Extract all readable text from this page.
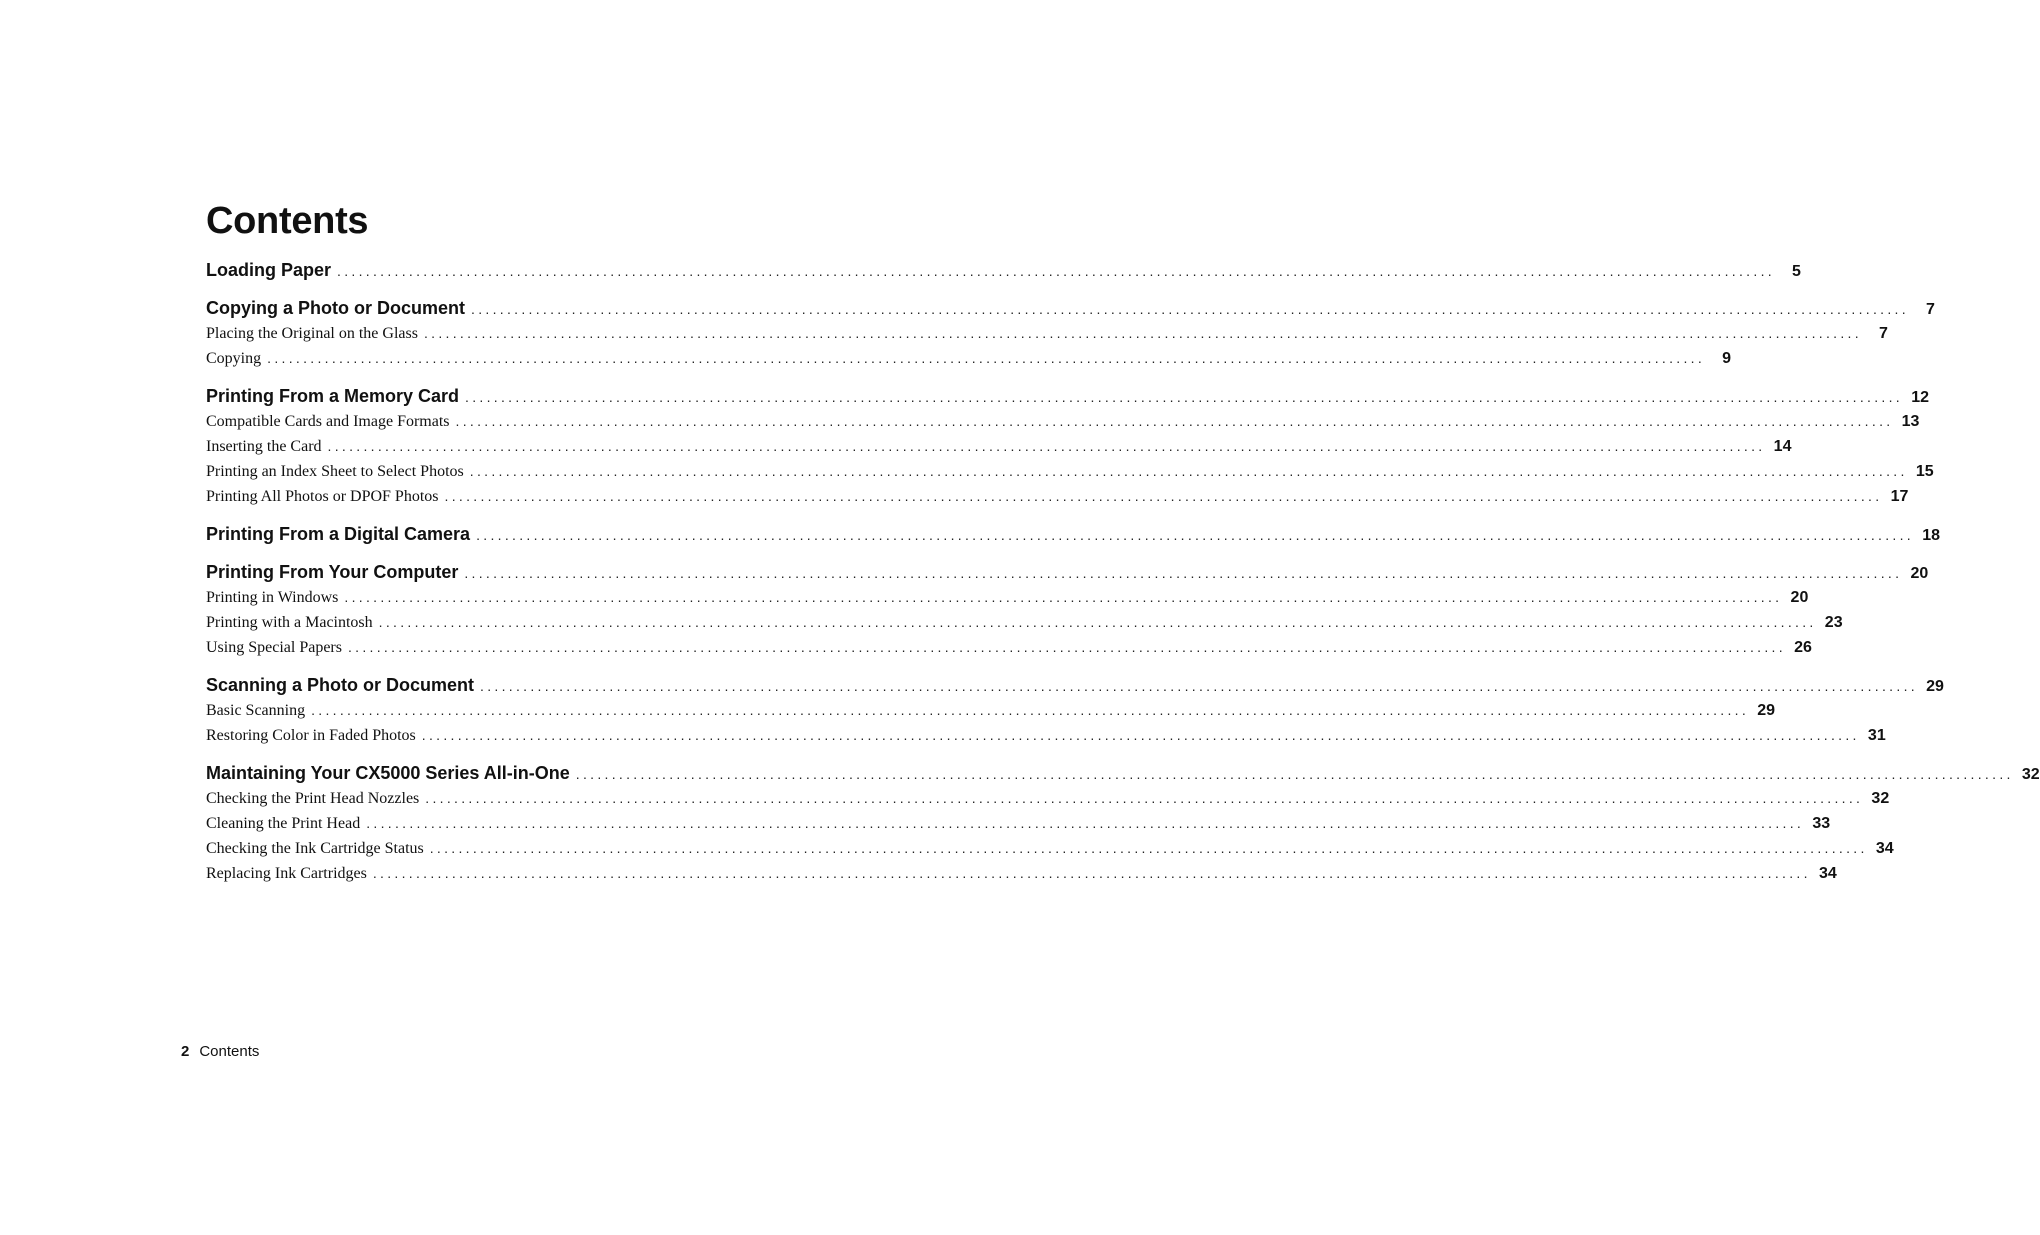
Contents
Loading Paper ........................................................................................................................................................................................................	5
Copying a Photo or Document ........................................................................................................................................................................................................	7
Placing the Original on the Glass ........................................................................................................................................................................................................	7
Copying ........................................................................................................................................................................................................	9
Printing From a Memory Card ........................................................................................................................................................................................................ 12
Compatible Cards and Image Formats ........................................................................................................................................................................................................ 13
Inserting the Card ........................................................................................................................................................................................................ 14
Printing an Index Sheet to Select Photos ........................................................................................................................................................................................................ 15
Printing All Photos or DPOF Photos ........................................................................................................................................................................................................ 17
Printing From a Digital Camera ........................................................................................................................................................................................................ 18
Printing From Your Computer ........................................................................................................................................................................................................ 20
Printing in Windows ........................................................................................................................................................................................................ 20
Printing with a Macintosh ........................................................................................................................................................................................................ 23
Using Special Papers ........................................................................................................................................................................................................ 26
Scanning a Photo or Document ........................................................................................................................................................................................................ 29
Basic Scanning ........................................................................................................................................................................................................ 29
Restoring Color in Faded Photos ........................................................................................................................................................................................................ 31
Maintaining Your CX5000 Series All-in-One ........................................................................................................................................................................................................ 32
Checking the Print Head Nozzles ........................................................................................................................................................................................................ 32
Cleaning the Print Head ........................................................................................................................................................................................................ 33
Checking the Ink Cartridge Status ........................................................................................................................................................................................................ 34
Replacing Ink Cartridges ........................................................................................................................................................................................................ 34
2 Contents
